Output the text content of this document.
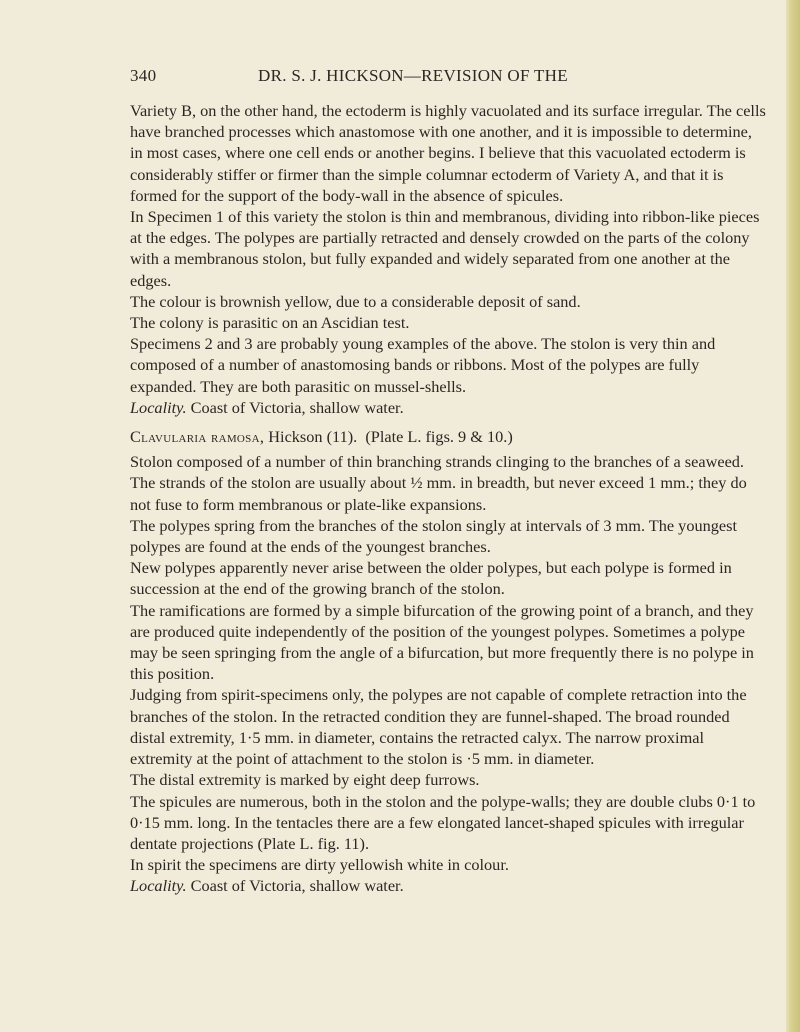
340	DR. S. J. HICKSON—REVISION OF THE

Variety B, on the other hand, the ectoderm is highly vacuolated and its surface irregular. The cells have branched processes which anastomose with one another, and it is impossible to determine, in most cases, where one cell ends or another begins. I believe that this vacuolated ectoderm is considerably stiffer or firmer than the simple columnar ectoderm of Variety A, and that it is formed for the support of the body-wall in the absence of spicules.

In Specimen 1 of this variety the stolon is thin and membranous, dividing into ribbon-like pieces at the edges. The polypes are partially retracted and densely crowded on the parts of the colony with a membranous stolon, but fully expanded and widely separated from one another at the edges.

The colour is brownish yellow, due to a considerable deposit of sand.

The colony is parasitic on an Ascidian test.

Specimens 2 and 3 are probably young examples of the above. The stolon is very thin and composed of a number of anastomosing bands or ribbons. Most of the polypes are fully expanded. They are both parasitic on mussel-shells.

Locality. Coast of Victoria, shallow water.

Clavularia ramosa, Hickson (11).  (Plate L. figs. 9 & 10.)

Stolon composed of a number of thin branching strands clinging to the branches of a seaweed. The strands of the stolon are usually about ½ mm. in breadth, but never exceed 1 mm.; they do not fuse to form membranous or plate-like expansions.

The polypes spring from the branches of the stolon singly at intervals of 3 mm. The youngest polypes are found at the ends of the youngest branches.

New polypes apparently never arise between the older polypes, but each polype is formed in succession at the end of the growing branch of the stolon.

The ramifications are formed by a simple bifurcation of the growing point of a branch, and they are produced quite independently of the position of the youngest polypes. Sometimes a polype may be seen springing from the angle of a bifurcation, but more frequently there is no polype in this position.

Judging from spirit-specimens only, the polypes are not capable of complete retraction into the branches of the stolon. In the retracted condition they are funnel-shaped. The broad rounded distal extremity, 1·5 mm. in diameter, contains the retracted calyx. The narrow proximal extremity at the point of attachment to the stolon is ·5 mm. in diameter.

The distal extremity is marked by eight deep furrows.

The spicules are numerous, both in the stolon and the polype-walls; they are double clubs 0·1 to 0·15 mm. long. In the tentacles there are a few elongated lancet-shaped spicules with irregular dentate projections (Plate L. fig. 11).

In spirit the specimens are dirty yellowish white in colour.

Locality. Coast of Victoria, shallow water.
